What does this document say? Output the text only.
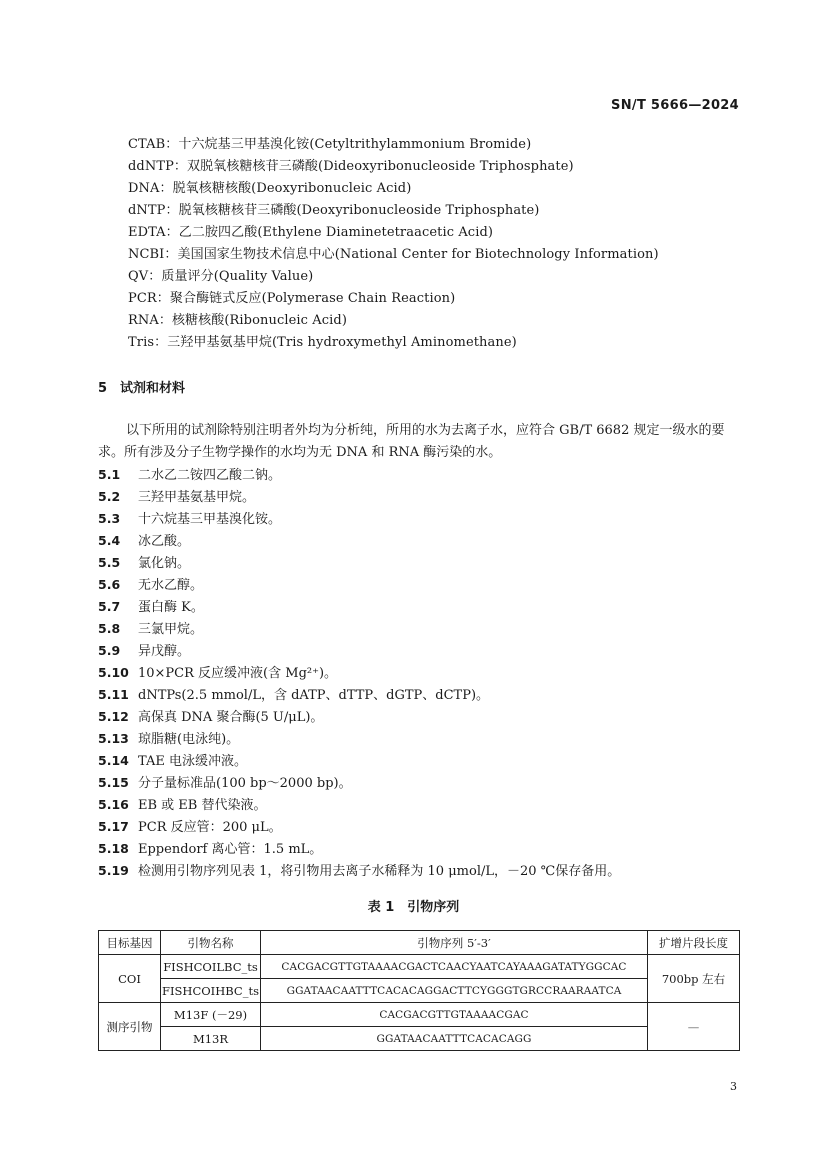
SN/T 5666—2024
CTAB：十六烷基三甲基溴化铵(Cetyltrithylammonium Bromide)
ddNTP：双脱氧核糖核苷三磷酸(Dideoxyribonucleoside Triphosphate)
DNA：脱氧核糖核酸(Deoxyribonucleic Acid)
dNTP：脱氧核糖核苷三磷酸(Deoxyribonucleoside Triphosphate)
EDTA：乙二胺四乙酸(Ethylene Diaminetetraacetic Acid)
NCBI：美国国家生物技术信息中心(National Center for Biotechnology Information)
QV：质量评分(Quality Value)
PCR：聚合酶链式反应(Polymerase Chain Reaction)
RNA：核糖核酸(Ribonucleic Acid)
Tris：三羟甲基氨基甲烷(Tris hydroxymethyl Aminomethane)
5 试剂和材料

以下所用的试剂除特别注明者外均为分析纯，所用的水为去离子水，应符合 GB/T 6682 规定一级水的要求。所有涉及分子生物学操作的水均为无 DNA 和 RNA 酶污染的水。

5.1 二水乙二铵四乙酸二钠。
5.2 三羟甲基氨基甲烷。
5.3 十六烷基三甲基溴化铵。
5.4 冰乙酸。
5.5 氯化钠。
5.6 无水乙醇。
5.7 蛋白酶 K。
5.8 三氯甲烷。
5.9 异戊醇。
5.10 10×PCR 反应缓冲液(含 Mg²⁺)。
5.11 dNTPs(2.5 mmol/L，含 dATP、dTTP、dGTP、dCTP)。
5.12 高保真 DNA 聚合酶(5 U/μL)。
5.13 琼脂糖(电泳纯)。
5.14 TAE 电泳缓冲液。
5.15 分子量标准品(100 bp～2000 bp)。
5.16 EB 或 EB 替代染液。
5.17 PCR 反应管：200 μL。
5.18 Eppendorf 离心管：1.5 mL。
5.19 检测用引物序列见表 1，将引物用去离子水稀释为 10 μmol/L，－20 ℃保存备用。
表 1　引物序列
目标基因	引物名称	引物序列 5′-3′	扩增片段长度
COI	FISHCOILBC_ts	CACGACGTTGTAAAACGACTCAACYAATCAYAAAGATATYGGCAC	700bp 左右
	FISHCOIHBC_ts	GGATAACAATTTCACACAGGACTTCYGGGTGRCCRAARAATCA	
测序引物	M13F (－29)	CACGACGTTGTAAAACGAC	—
	M13R	GGATAACAATTTCACACAGG	
3
